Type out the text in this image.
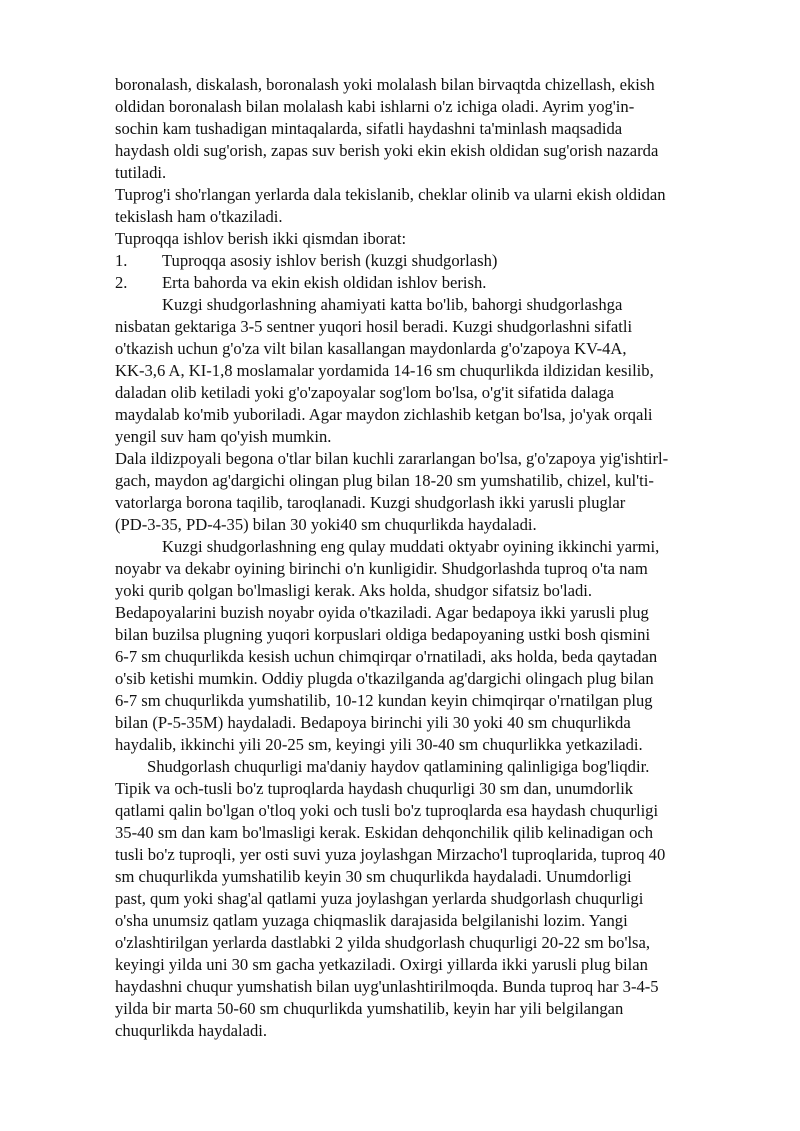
boronalash, diskalash, boronalash yoki molalash bilan birvaqtda chizellash, ekish
oldidan boronalash bilan molalash kabi ishlarni o'z ichiga oladi. Ayrim yog'in-
sochin kam tushadigan mintaqalarda, sifatli haydashni ta'minlash maqsadida
haydash oldi sug'orish, zapas suv berish yoki ekin ekish oldidan sug'orish nazarda
tutiladi.
Tuprog'i sho'rlangan yerlarda dala tekislanib, cheklar olinib va ularni ekish oldidan
tekislash ham o'tkaziladi.
Tuproqqa ishlov berish ikki qismdan iborat:
1. Tuproqqa asosiy ishlov berish (kuzgi shudgorlash)
2. Erta bahorda va ekin ekish oldidan ishlov berish.
Kuzgi shudgorlashning ahamiyati katta bo'lib, bahorgi shudgorlashga
nisbatan gektariga 3-5 sentner yuqori hosil beradi. Kuzgi shudgorlashni sifatli
o'tkazish uchun g'o'za vilt bilan kasallangan maydonlarda g'o'zapoya KV-4A,
KK-3,6 A, KI-1,8 moslamalar yordamida 14-16 sm chuqurlikda ildizidan kesilib,
daladan olib ketiladi yoki g'o'zapoyalar sog'lom bo'lsa, o'g'it sifatida dalaga
maydalab ko'mib yuboriladi. Agar maydon zichlashib ketgan bo'lsa, jo'yak orqali
yengil suv ham qo'yish mumkin.
Dala ildizpoyali begona o'tlar bilan kuchli zararlangan bo'lsa, g'o'zapoya yig'ishtirl-
gach, maydon ag'dargichi olingan plug bilan 18-20 sm yumshatilib, chizel, kul'ti-
vatorlarga borona taqilib, taroqlanadi. Kuzgi shudgorlash ikki yarusli pluglar
(PD-3-35, PD-4-35) bilan 30 yoki40 sm chuqurlikda haydaladi.
Kuzgi shudgorlashning eng qulay muddati oktyabr oyining ikkinchi yarmi,
noyabr va dekabr oyining birinchi o'n kunligidir. Shudgorlashda tuproq o'ta nam
yoki qurib qolgan bo'lmasligi kerak. Aks holda, shudgor sifatsiz bo'ladi.
Bedapoyalarini buzish noyabr oyida o'tkaziladi. Agar bedapoya ikki yarusli plug
bilan buzilsa plugning yuqori korpuslari oldiga bedapoyaning ustki bosh qismini
6-7 sm chuqurlikda kesish uchun chimqirqar o'rnatiladi, aks holda, beda qaytadan
o'sib ketishi mumkin. Oddiy plugda o'tkazilganda ag'dargichi olingach plug bilan
6-7 sm chuqurlikda yumshatilib, 10-12 kundan keyin chimqirqar o'rnatilgan plug
bilan (P-5-35M) haydaladi. Bedapoya birinchi yili 30 yoki 40 sm chuqurlikda
haydalib, ikkinchi yili 20-25 sm, keyingi yili 30-40 sm chuqurlikka yetkaziladi.
Shudgorlash chuqurligi ma'daniy haydov qatlamining qalinligiga bog'liqdir.
Tipik va och-tusli bo'z tuproqlarda haydash chuqurligi 30 sm dan, unumdorlik
qatlami qalin bo'lgan o'tloq yoki och tusli bo'z tuproqlarda esa haydash chuqurligi
35-40 sm dan kam bo'lmasligi kerak. Eskidan dehqonchilik qilib kelinadigan och
tusli bo'z tuproqli, yer osti suvi yuza joylashgan Mirzacho'l tuproqlarida, tuproq 40
sm chuqurlikda yumshatilib keyin 30 sm chuqurlikda haydaladi. Unumdorligi
past, qum yoki shag'al qatlami yuza joylashgan yerlarda shudgorlash chuqurligi
o'sha unumsiz qatlam yuzaga chiqmaslik darajasida belgilanishi lozim. Yangi
o'zlashtirilgan yerlarda dastlabki 2 yilda shudgorlash chuqurligi 20-22 sm bo'lsa,
keyingi yilda uni 30 sm gacha yetkaziladi. Oxirgi yillarda ikki yarusli plug bilan
haydashni chuqur yumshatish bilan uyg'unlashtirilmoqda. Bunda tuproq har 3-4-5
yilda bir marta 50-60 sm chuqurlikda yumshatilib, keyin har yili belgilangan
chuqurlikda haydaladi.
